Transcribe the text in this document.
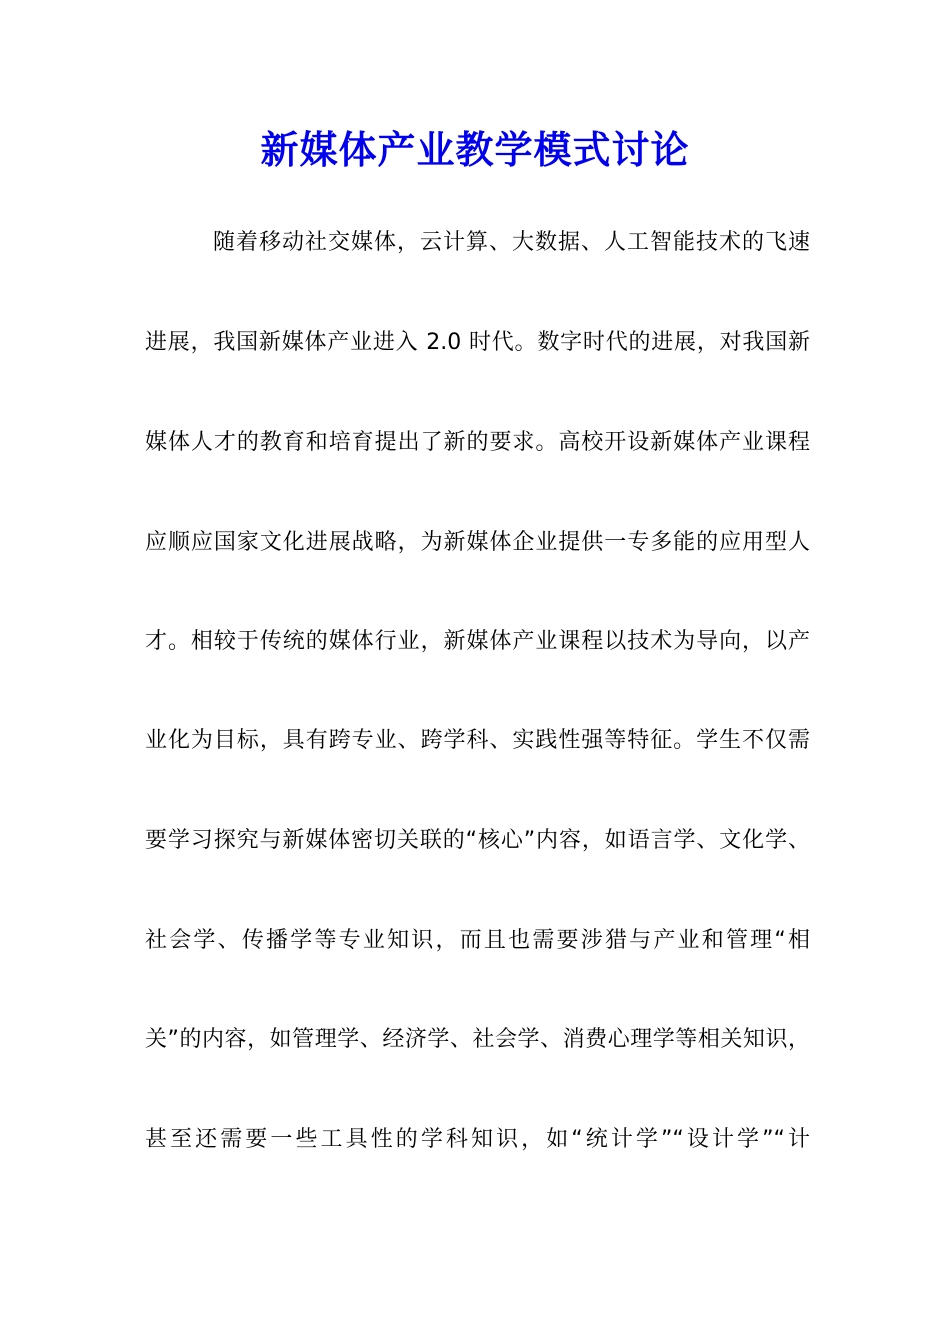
新媒体产业教学模式讨论

随着移动社交媒体，云计算、大数据、人工智能技术的飞速

进展，我国新媒体产业进入 2.0 时代。数字时代的进展，对我国新

媒体人才的教育和培育提出了新的要求。高校开设新媒体产业课程

应顺应国家文化进展战略，为新媒体企业提供一专多能的应用型人

才。相较于传统的媒体行业，新媒体产业课程以技术为导向，以产

业化为目标，具有跨专业、跨学科、实践性强等特征。学生不仅需

要学习探究与新媒体密切关联的“核心”内容，如语言学、文化学、

社会学、传播学等专业知识，而且也需要涉猎与产业和管理“相

关”的内容，如管理学、经济学、社会学、消费心理学等相关知识，

甚至还需要一些工具性的学科知识，如“统计学”“设计学”“计
